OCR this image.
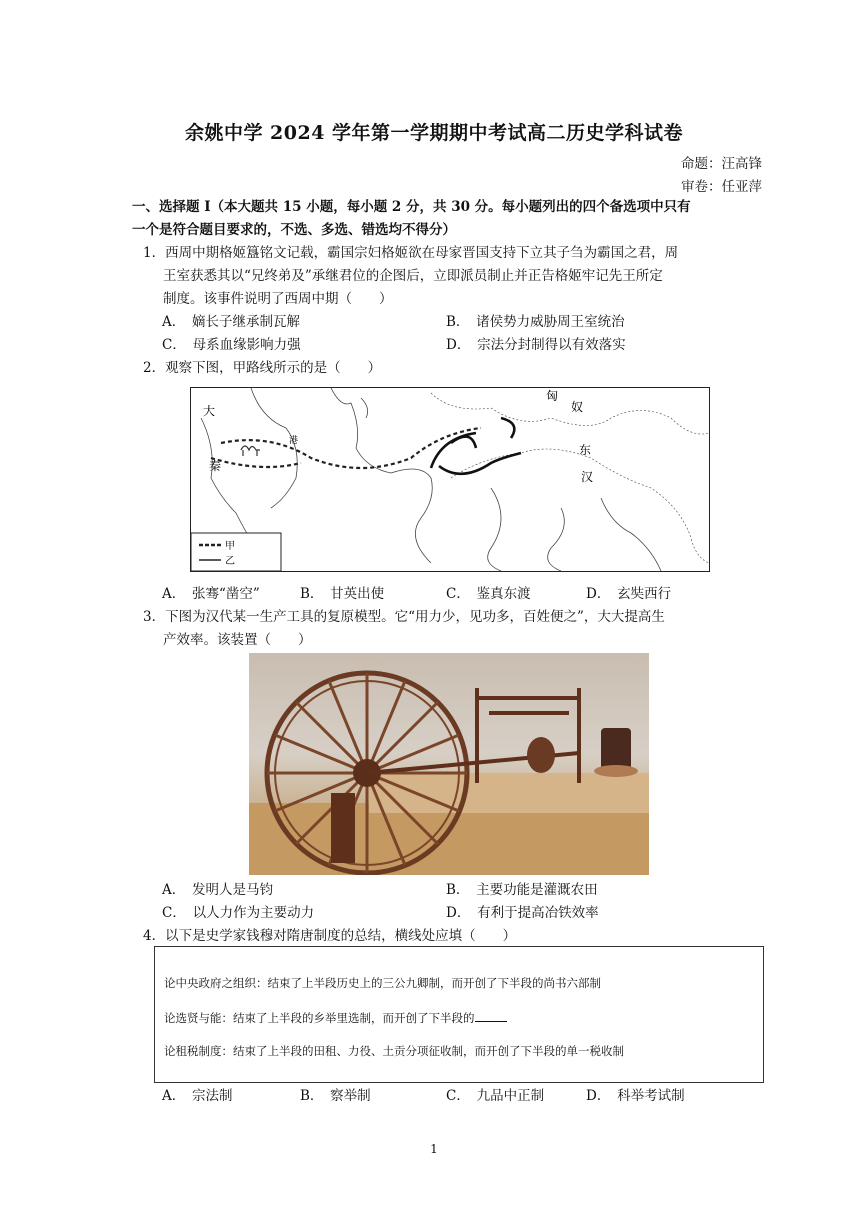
余姚中学 2024 学年第一学期期中考试高二历史学科试卷
命题：汪高锋
审卷：任亚萍
一、选择题 I（本大题共 15 小题，每小题 2 分，共 30 分。每小题列出的四个备选项中只有
一个是符合题目要求的，不选、多选、错选均不得分）
1．西周中期格姬簋铭文记载，霸国宗妇格姬欲在母家晋国支持下立其子刍为霸国之君，周
王室获悉其以“兄终弟及”承继君位的企图后，立即派员制止并正告格姬牢记先王所定
制度。该事件说明了西周中期（　　）
A．　嫡长子继承制瓦解	B．　诸侯势力威胁周王室统治
C．　母系血缘影响力强	D．　宗法分封制得以有效落实
2．观察下图，甲路线所示的是（　　）
大
秦
港
匈
奴
东
汉
甲
乙
A．　张骞“凿空”	B．　甘英出使	C．　鉴真东渡	D．　玄奘西行
3．下图为汉代某一生产工具的复原模型。它“用力少，见功多，百姓便之”，大大提高生
产效率。该装置（　　）
A．　发明人是马钧	B．　主要功能是灌溉农田
C．　以人力作为主要动力	D．　有利于提高冶铁效率
4．以下是史学家钱穆对隋唐制度的总结，横线处应填（　　）
论中央政府之组织：结束了上半段历史上的三公九卿制，而开创了下半段的尚书六部制
论选贤与能：结束了上半段的乡举里选制，而开创了下半段的
论租税制度：结束了上半段的田租、力役、土贡分项征收制，而开创了下半段的单一税收制
A．　宗法制	B．　察举制	C．　九品中正制	D．　科举考试制
1
